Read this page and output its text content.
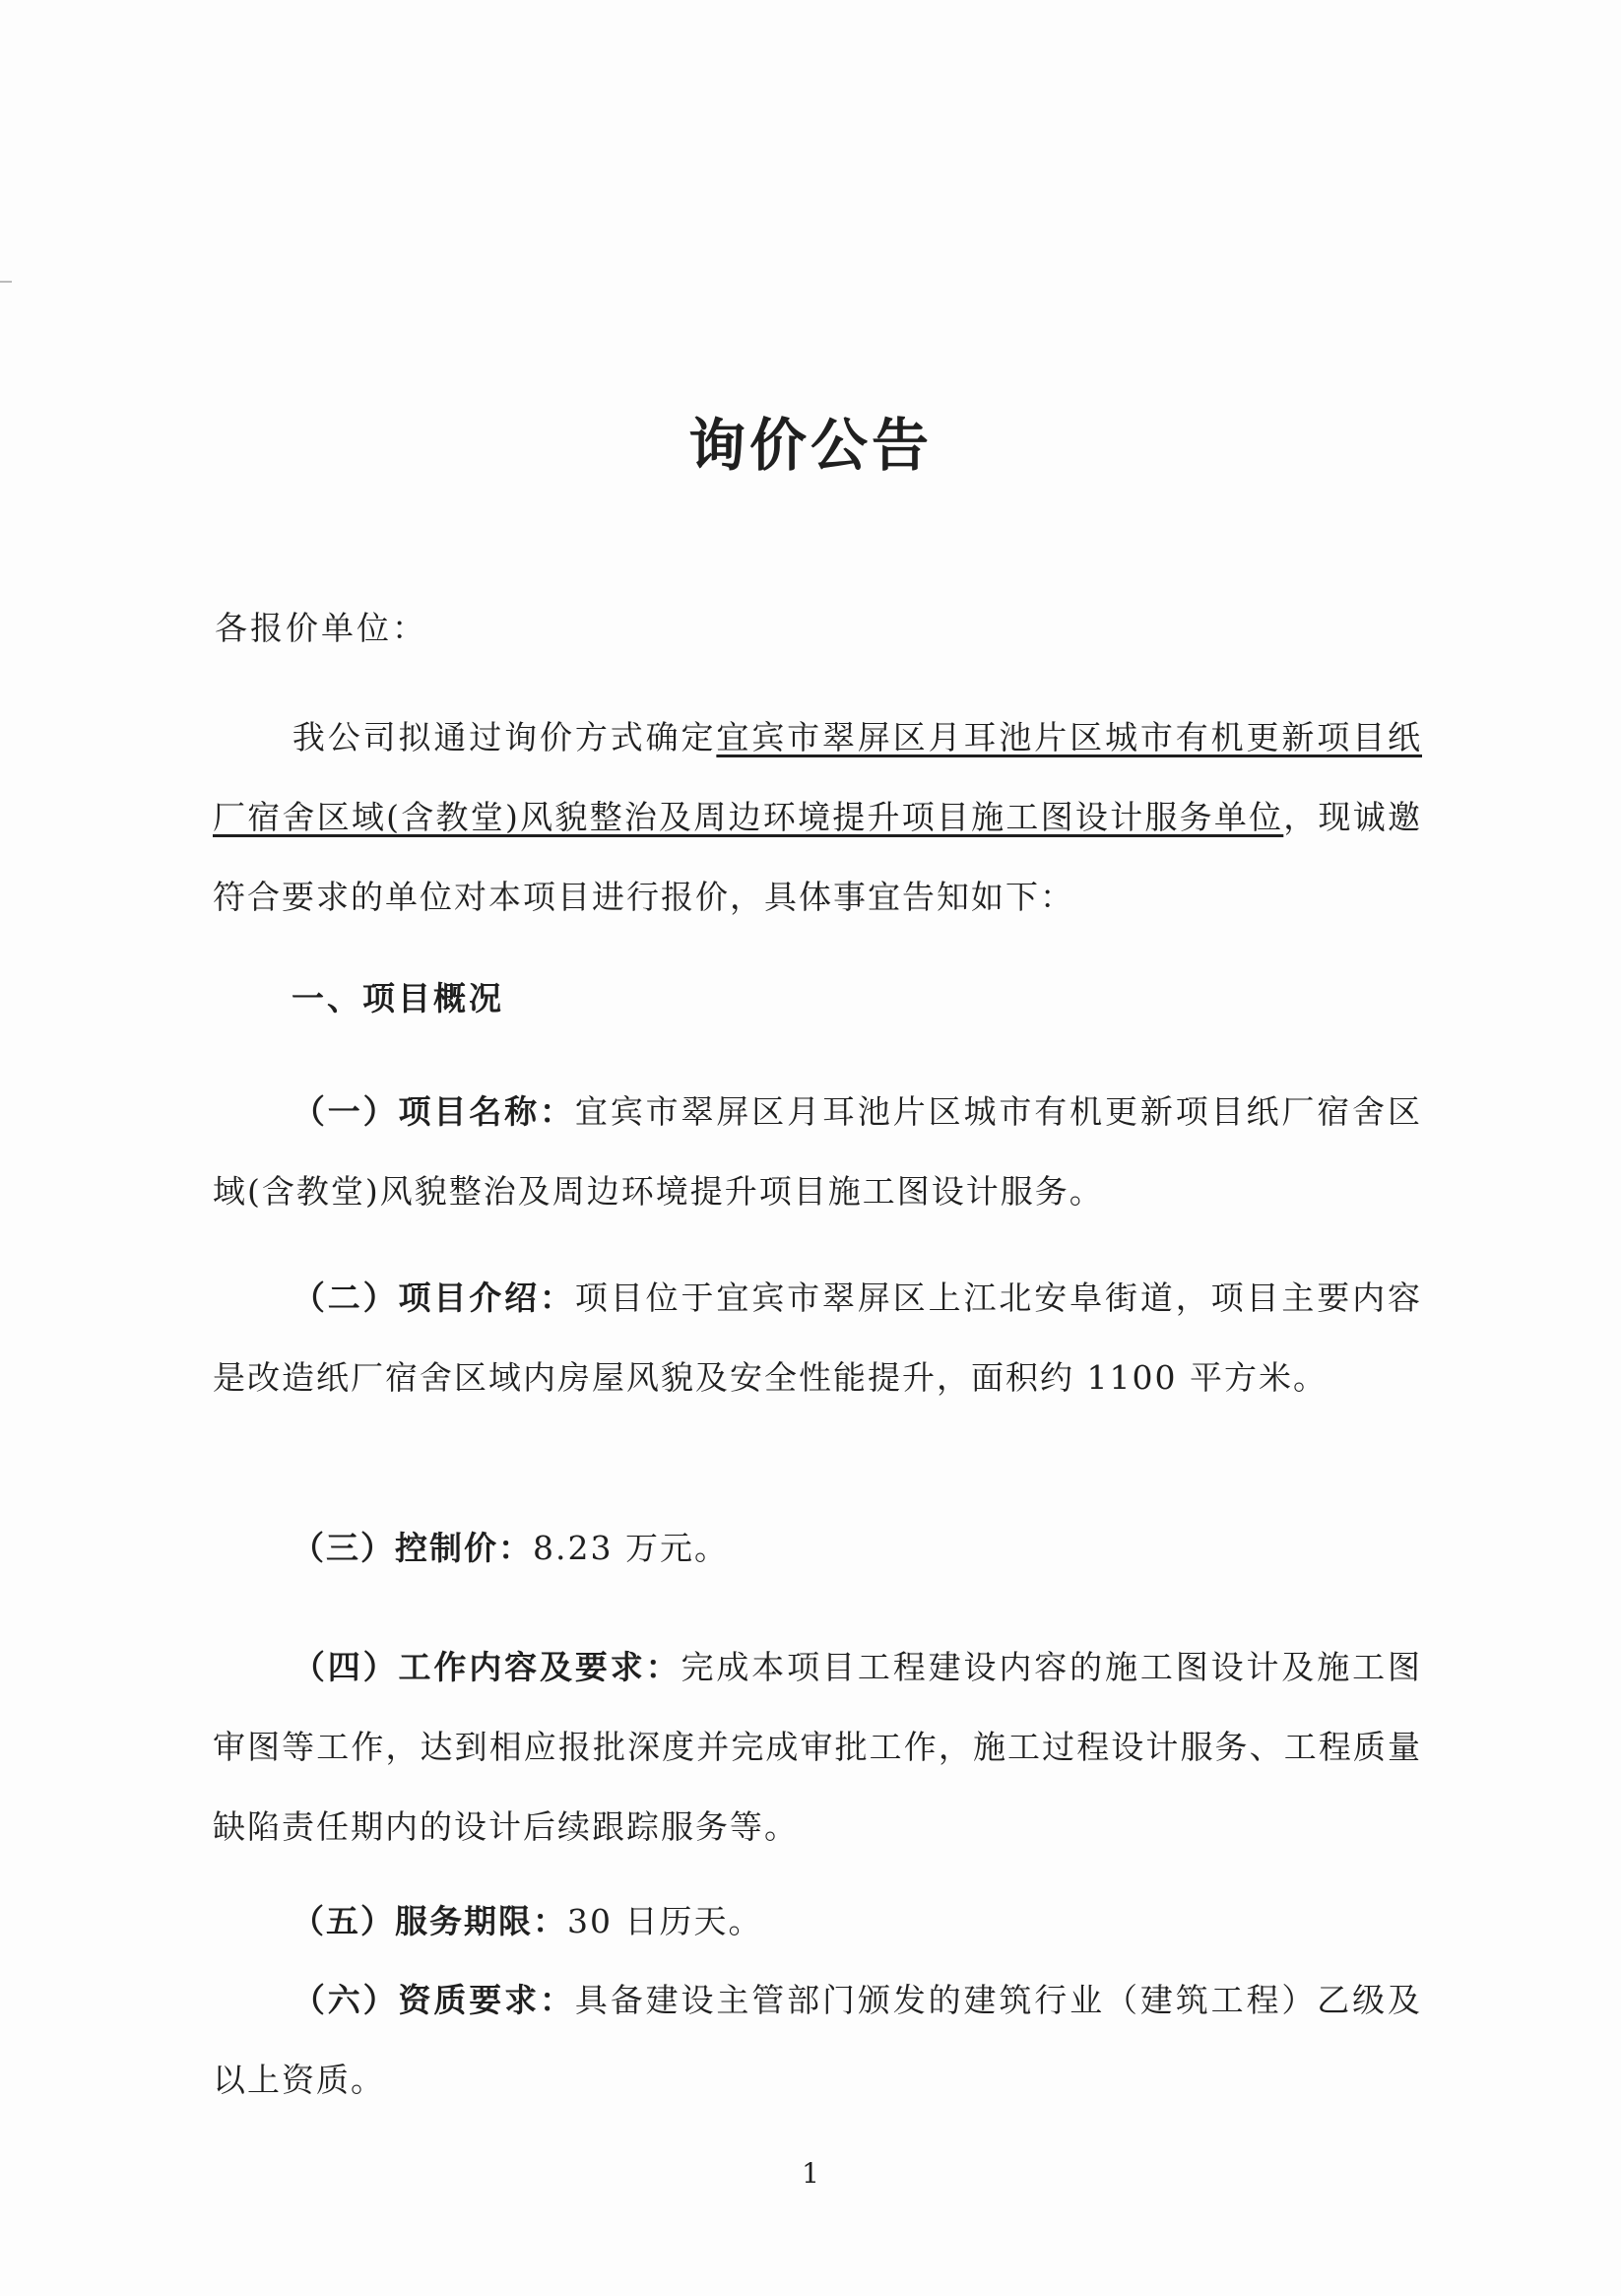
询价公告
各报价单位：
我公司拟通过询价方式确定宜宾市翠屏区月耳池片区城市有机更新项目纸厂宿舍区域(含教堂)风貌整治及周边环境提升项目施工图设计服务单位，现诚邀符合要求的单位对本项目进行报价，具体事宜告知如下：
一、项目概况
（一）项目名称：宜宾市翠屏区月耳池片区城市有机更新项目纸厂宿舍区域(含教堂)风貌整治及周边环境提升项目施工图设计服务。
（二）项目介绍：项目位于宜宾市翠屏区上江北安阜街道，项目主要内容是改造纸厂宿舍区域内房屋风貌及安全性能提升，面积约 1100 平方米。
（三）控制价：8.23 万元。
（四）工作内容及要求：完成本项目工程建设内容的施工图设计及施工图审图等工作，达到相应报批深度并完成审批工作，施工过程设计服务、工程质量缺陷责任期内的设计后续跟踪服务等。
（五）服务期限：30 日历天。
（六）资质要求：具备建设主管部门颁发的建筑行业（建筑工程）乙级及以上资质。
1
